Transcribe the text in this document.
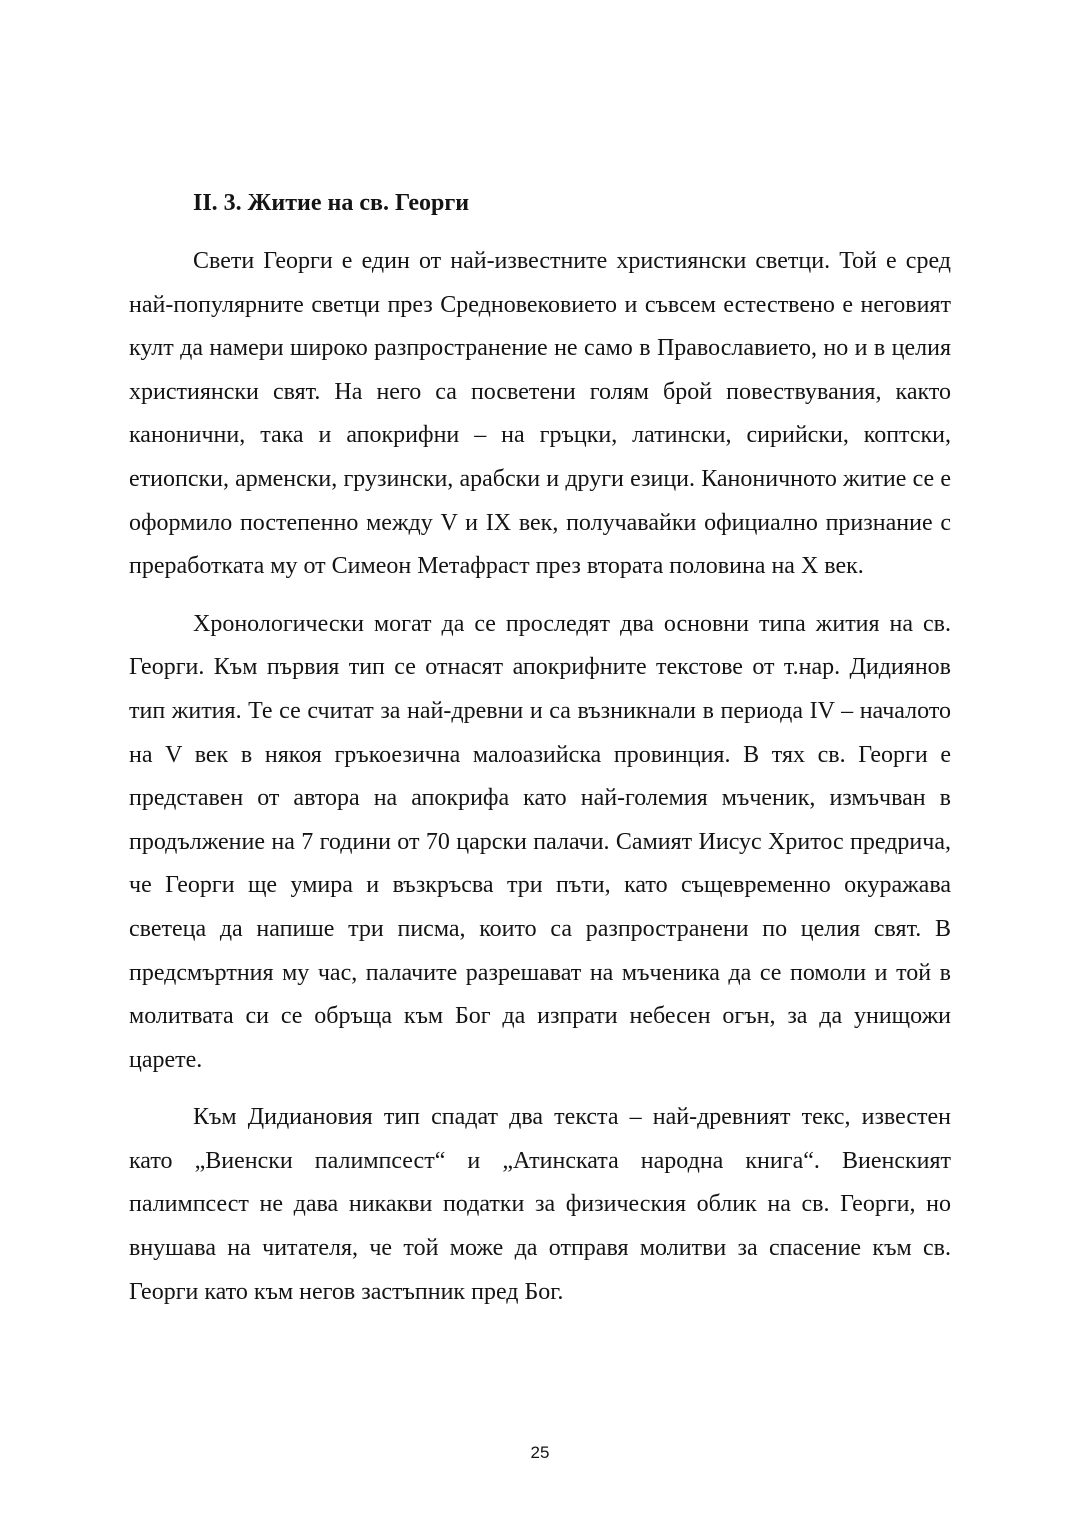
II. 3. Житие на св. Георги

Свети Георги е един от най-известните християнски светци. Той е сред най-популярните светци през Средновековието и съвсем естествено е неговият култ да намери широко разпространение не само в Православието, но и в целия християнски свят. На него са посветени голям брой повествувания, както канонични, така и апокрифни – на гръцки, латински, сирийски, коптски, етиопски, арменски, грузински, арабски и други езици. Каноничното житие се е оформило постепенно между V и IX век, получавайки официално признание с преработката му от Симеон Метафраст през втората половина на X век.

Хронологически могат да се проследят два основни типа жития на св. Георги. Към първия тип се отнасят апокрифните текстове от т.нар. Дидиянов тип жития. Те се считат за най-древни и са възникнали в периода IV – началото на V век в някоя гръкоезична малоазийска провинция. В тях св. Георги е представен от автора на апокрифа като най-големия мъченик, измъчван в продължение на 7 години от 70 царски палачи. Самият Иисус Хритос предрича, че Георги ще умира и възкръсва три пъти, като същевременно окуражава светеца да напише три писма, които са разпространени по целия свят. В предсмъртния му час, палачите разрешават на мъченика да се помоли и той в молитвата си се обръща към Бог да изпрати небесен огън, за да унищожи царете.

Към Дидиановия тип спадат два текста – най-древният текс, известен като „Виенски палимпсест“ и „Атинската народна книга“. Виенският палимпсест не дава никакви податки за физическия облик на св. Георги, но внушава на читателя, че той може да отправя молитви за спасение към св. Георги като към негов застъпник пред Бог.

25
